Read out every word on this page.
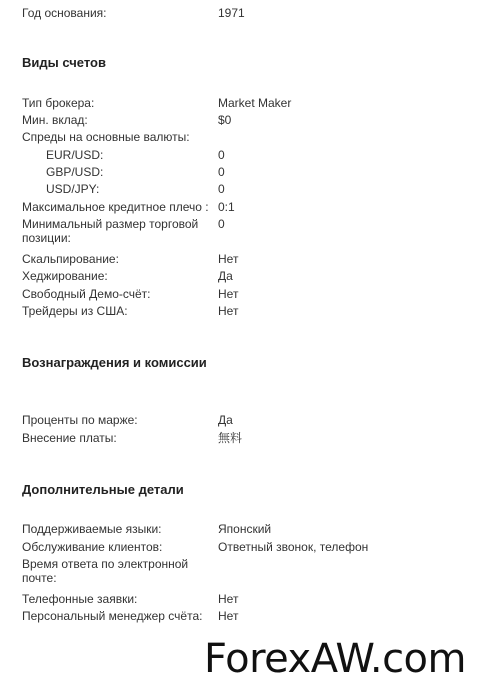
Год основания:	1971
Виды счетов
Тип брокера:	Market Maker
Мин. вклад:	$0
Спреды на основные валюты:
EUR/USD:	0
GBP/USD:	0
USD/JPY:	0
Максимальное кредитное плечо : 0:1
Минимальный размер торговой позиции:
0
Скальпирование:	Нет
Хеджирование:	Да
Свободный Демо-счёт:	Нет
Трейдеры из США:	Нет
Вознаграждения и комиссии
Проценты по марже:	Да
Внесение платы:	無料
Дополнительные детали
Поддерживаемые языки:	Японский
Обслуживание клиентов:	Ответный звонок, телефон
Время ответа по электронной почте:
Телефонные заявки:	Нет
Персональный менеджер счёта:	Нет
ForexAW.com
